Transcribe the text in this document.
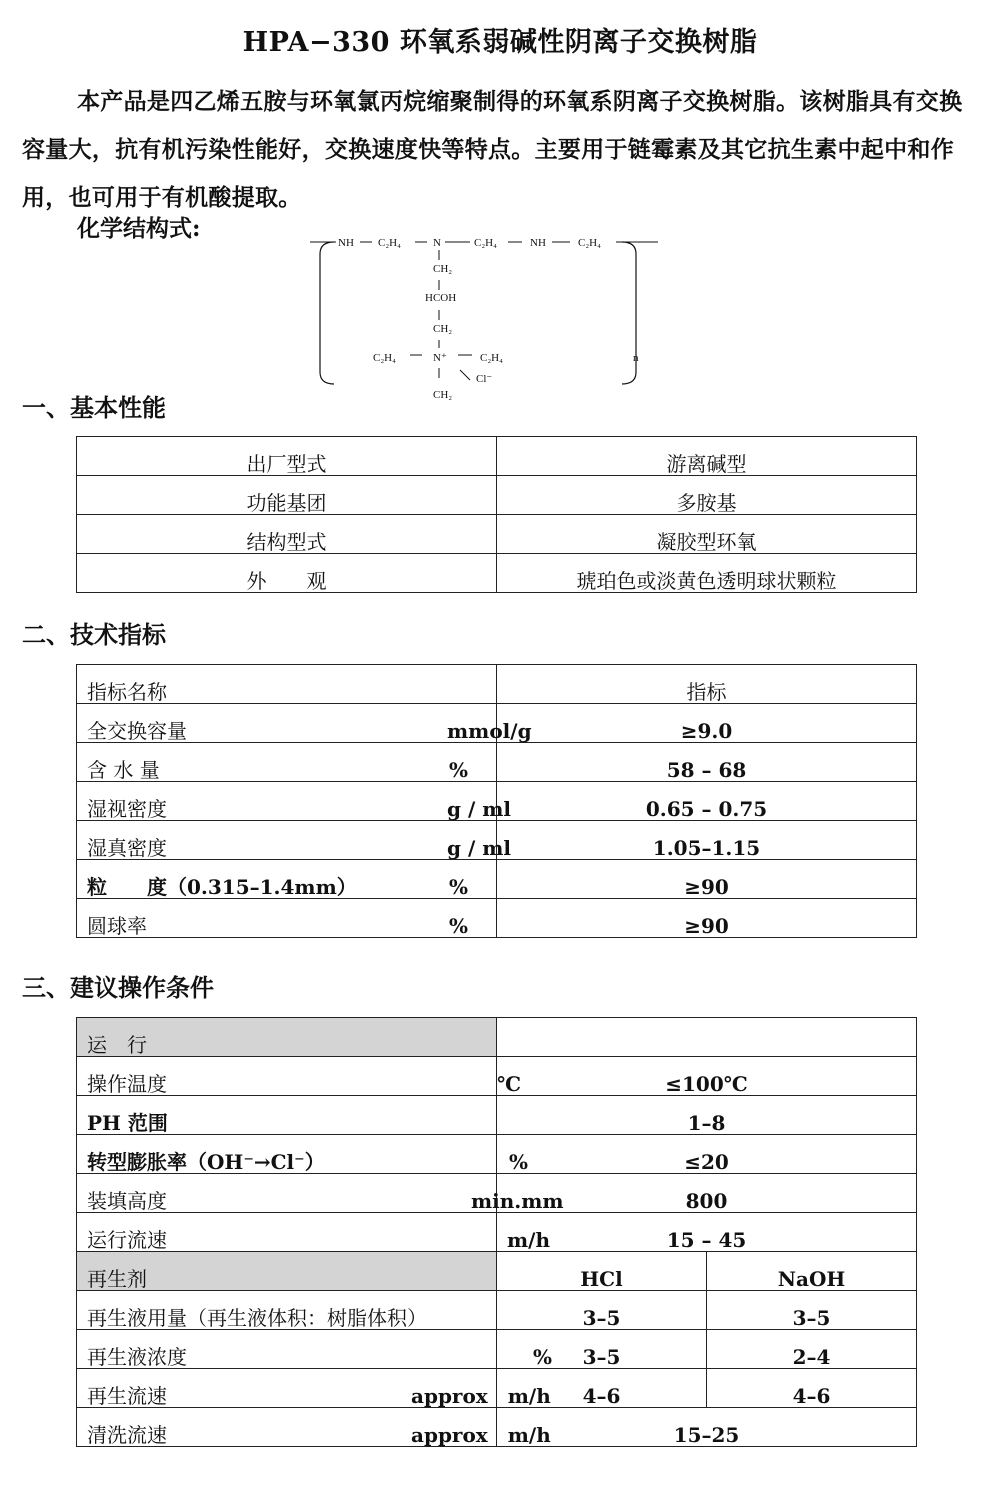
HPA−330 环氧系弱碱性阴离子交换树脂
本产品是四乙烯五胺与环氧氯丙烷缩聚制得的环氧系阴离子交换树脂。该树脂具有交换容量大，抗有机污染性能好，交换速度快等特点。主要用于链霉素及其它抗生素中起中和作用，也可用于有机酸提取。
化学结构式:
NH C₂H₄	N	C₂H₄	NH	C₂H₄
CH₂
HCOH
CH₂
C₂H₄	N⁺	C₂H₄
Cl⁻
CH₂
n
一、基本性能
出厂型式	游离碱型
功能基团	多胺基
结构型式	凝胶型环氧
外　　观	琥珀色或淡黄色透明球状颗粒
二、技术指标
指标名称	指标
全交换容量 mmol/g	≥9.0
含 水 量 %	58 – 68
湿视密度 g / ml	0.65 – 0.75
湿真密度 g / ml	1.05–1.15
粒　　度（0.315–1.4mm） %	≥90
圆球率 %	≥90
三、建议操作条件
运　行		
操作温度 ℃	≤100℃	
PH 范围	1–8	
转型膨胀率（OH⁻→Cl⁻） %	≤20	
装填高度 min.mm	800	
运行流速 m/h	15 – 45	
再生剂	HCl	NaOH
再生液用量（再生液体积：树脂体积）	3–5	3–5
再生液浓度 %	3–5	2–4
再生流速 approx　m/h	4–6	4–6
清洗流速 approx　m/h	15–25	
